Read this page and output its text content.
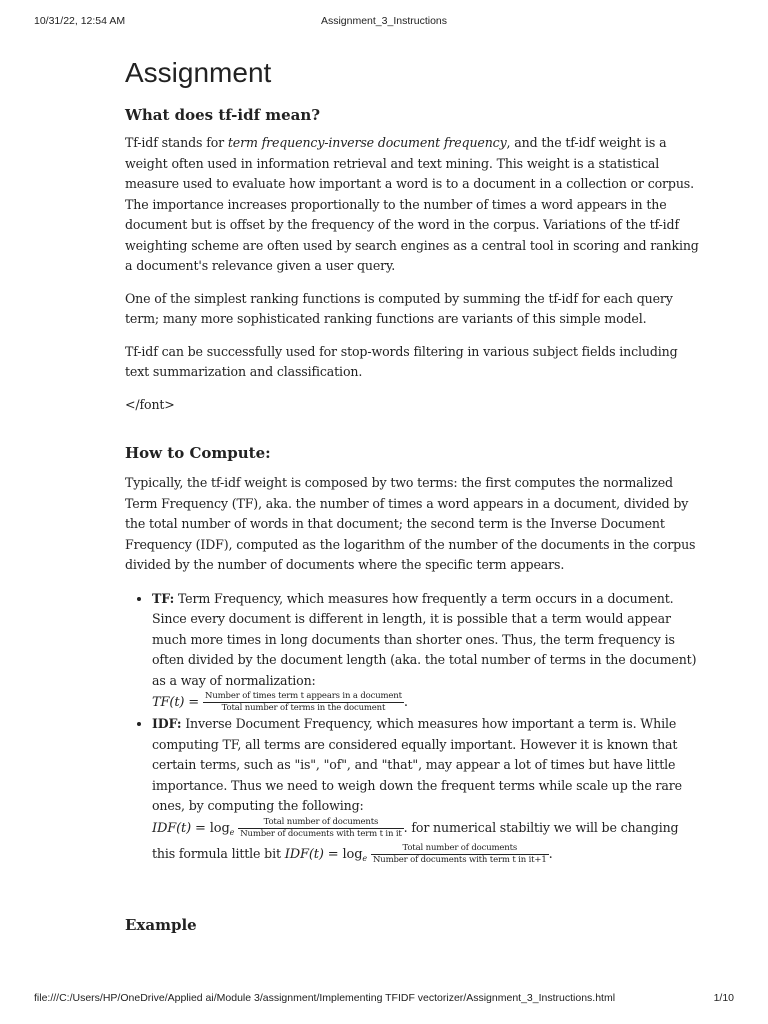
10/31/22, 12:54 AM	Assignment_3_Instructions
Assignment
What does tf-idf mean?

Tf-idf stands for term frequency-inverse document frequency, and the tf-idf weight is a weight often used in information retrieval and text mining. This weight is a statistical measure used to evaluate how important a word is to a document in a collection or corpus. The importance increases proportionally to the number of times a word appears in the document but is offset by the frequency of the word in the corpus. Variations of the tf-idf weighting scheme are often used by search engines as a central tool in scoring and ranking a document's relevance given a user query.

One of the simplest ranking functions is computed by summing the tf-idf for each query term; many more sophisticated ranking functions are variants of this simple model.

Tf-idf can be successfully used for stop-words filtering in various subject fields including text summarization and classification.

</font>

How to Compute:

Typically, the tf-idf weight is composed by two terms: the first computes the normalized Term Frequency (TF), aka. the number of times a word appears in a document, divided by the total number of words in that document; the second term is the Inverse Document Frequency (IDF), computed as the logarithm of the number of the documents in the corpus divided by the number of documents where the specific term appears.

• TF: Term Frequency, which measures how frequently a term occurs in a document. Since every document is different in length, it is possible that a term would appear much more times in long documents than shorter ones. Thus, the term frequency is often divided by the document length (aka. the total number of terms in the document) as a way of normalization:
$TF(t) = \frac{\text{Number of times term t appears in a document}}{\text{Total number of terms in the document}}$ .
• IDF: Inverse Document Frequency, which measures how important a term is. While computing TF, all terms are considered equally important. However it is known that certain terms, such as "is", "of", and "that", may appear a lot of times but have little importance. Thus we need to weigh down the frequent terms while scale up the rare ones, by computing the following:
$IDF(t) = \log_e \frac{\text{Total number of documents}}{\text{Number of documents with term t in it}}$ . for numerical stabiltiy we will be changing this formula little bit $IDF(t) = \log_e \frac{\text{Total number of documents}}{\text{Number of documents with term t in it+1}}$ .
Example
file:///C:/Users/HP/OneDrive/Applied ai/Module 3/assignment/Implementing TFIDF vectorizer/Assignment_3_Instructions.html	1/10
